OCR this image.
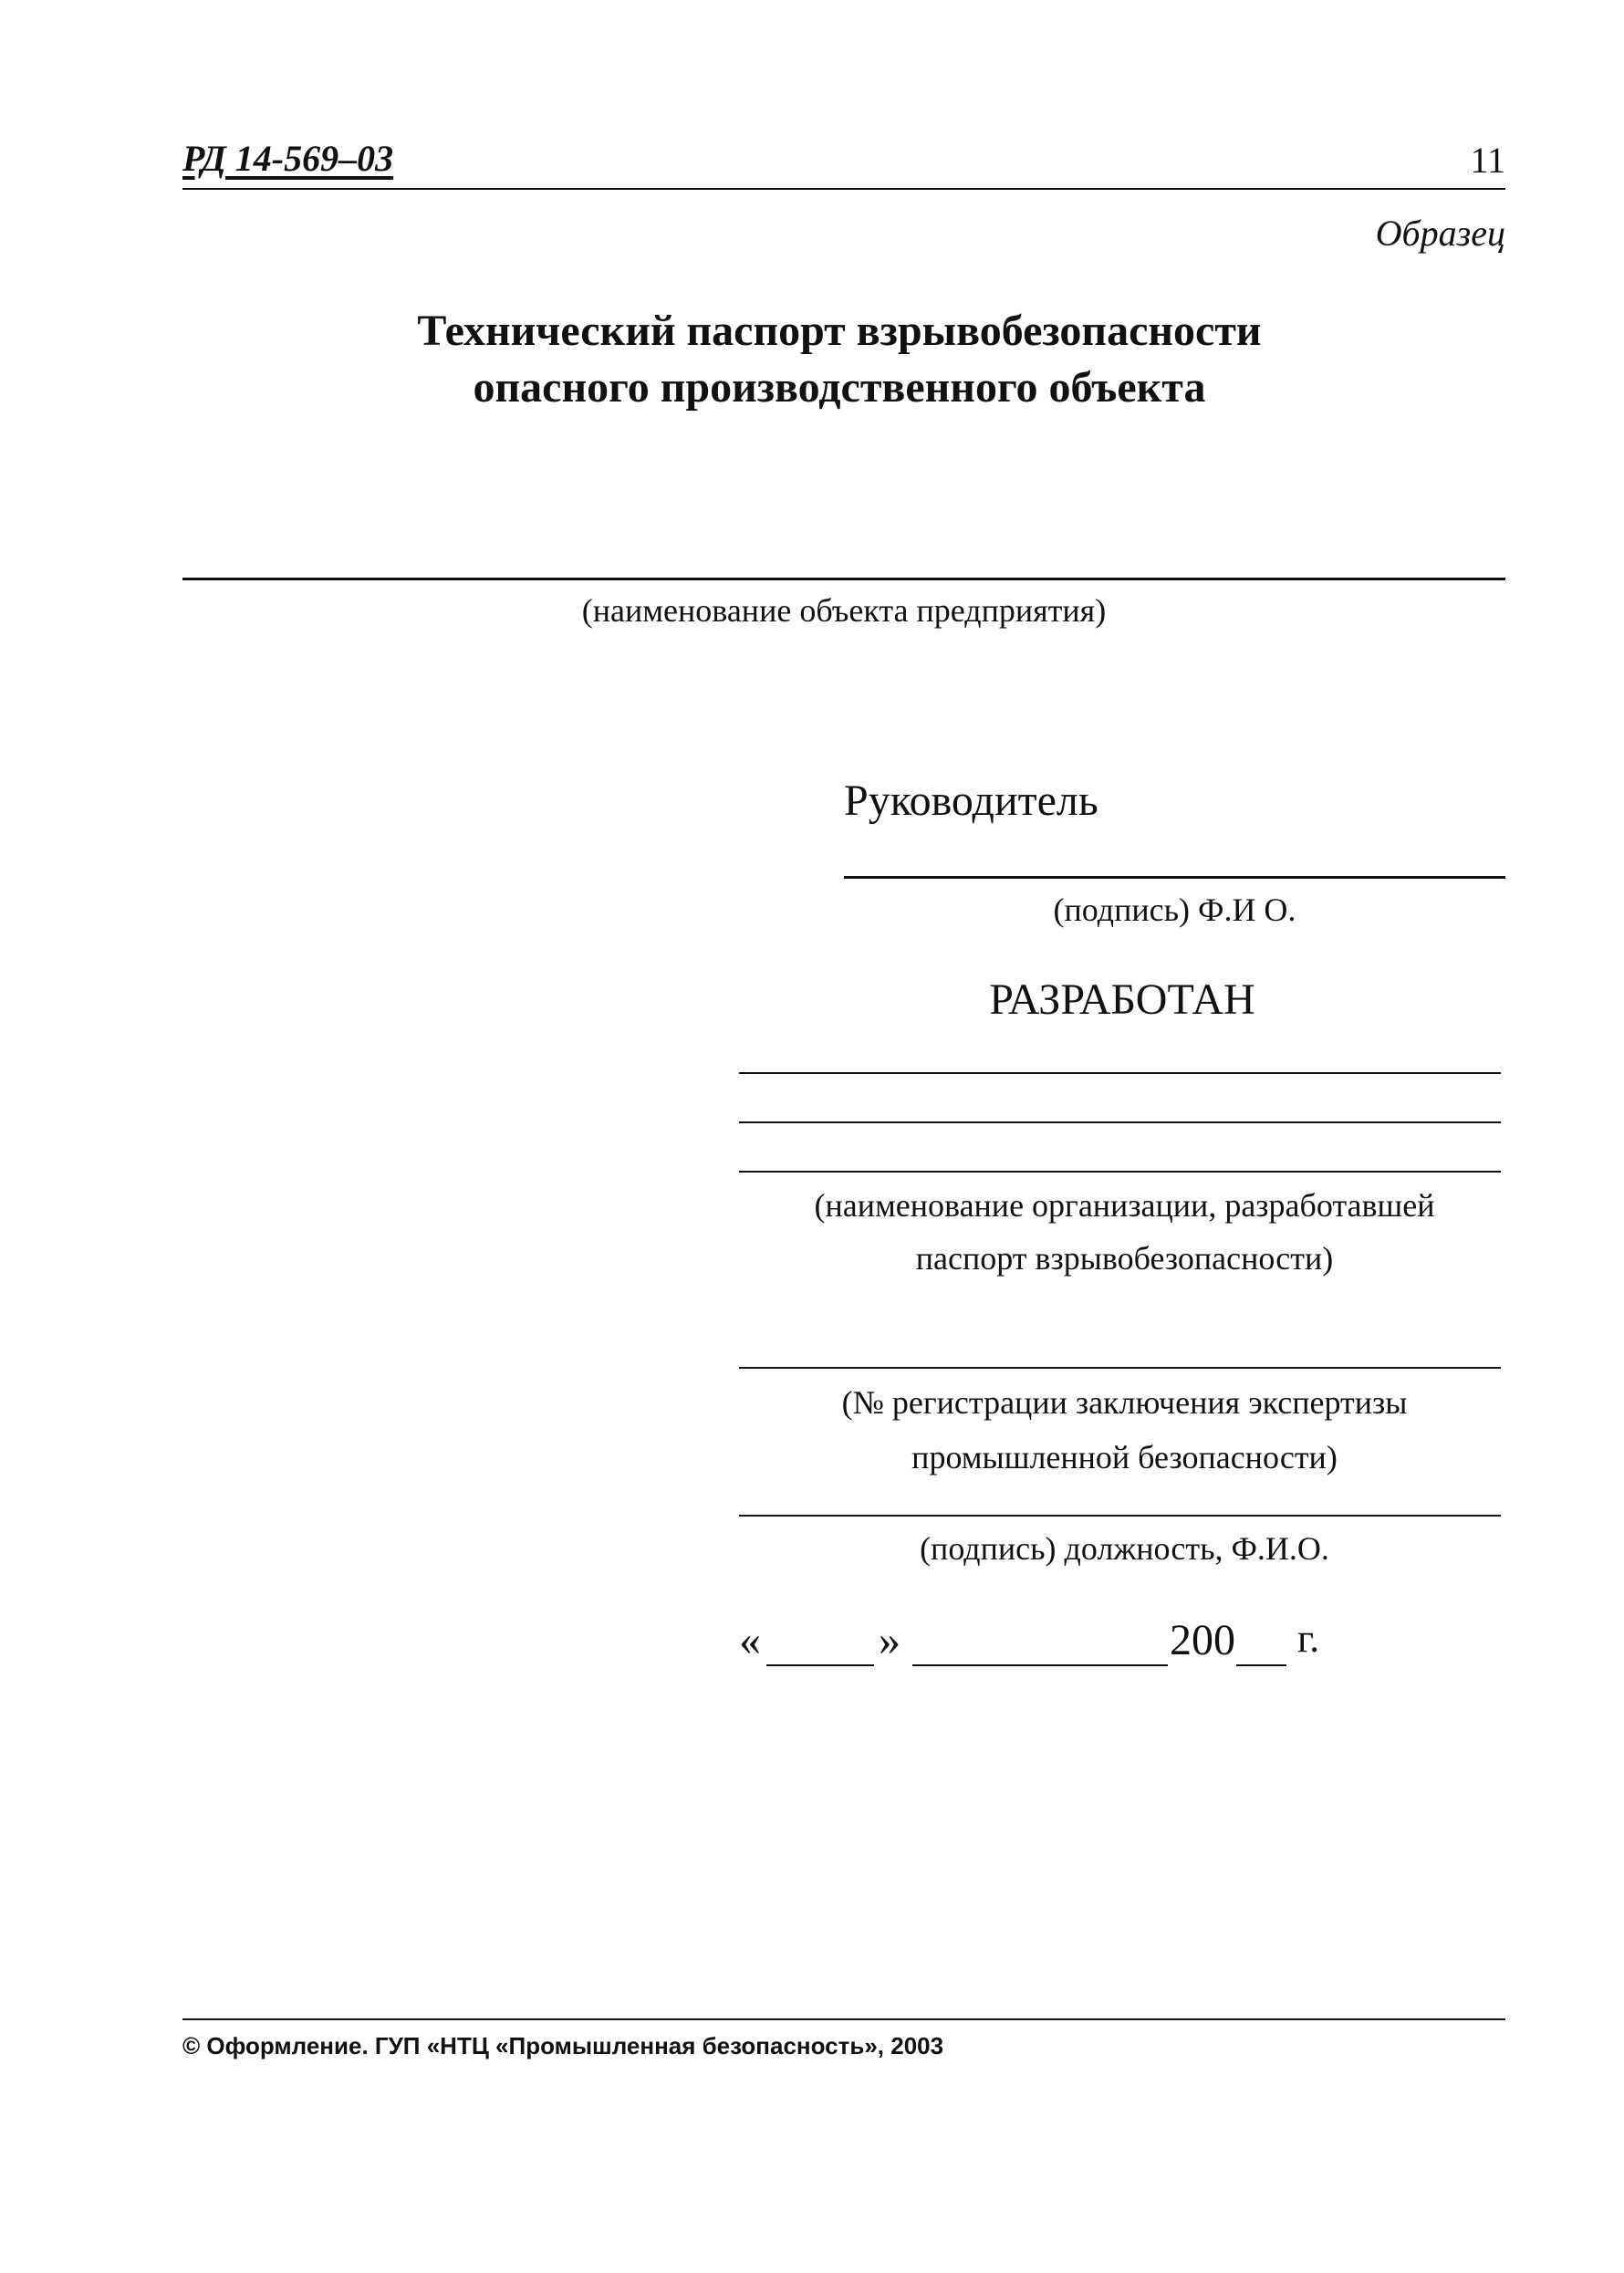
РД 14-569–03	11
Образец
Технический паспорт взрывобезопасности
опасного производственного объекта
(наименование объекта предприятия)
Руководитель
(подпись) Ф.И О.
РАЗРАБОТАН
(наименование организации, разработавшей
паспорт взрывобезопасности)
(№ регистрации заключения экспертизы
промышленной безопасности)
(подпись) должность, Ф.И.О.
«	»	200 г.
© Оформление. ГУП «НТЦ «Промышленная безопасность», 2003
